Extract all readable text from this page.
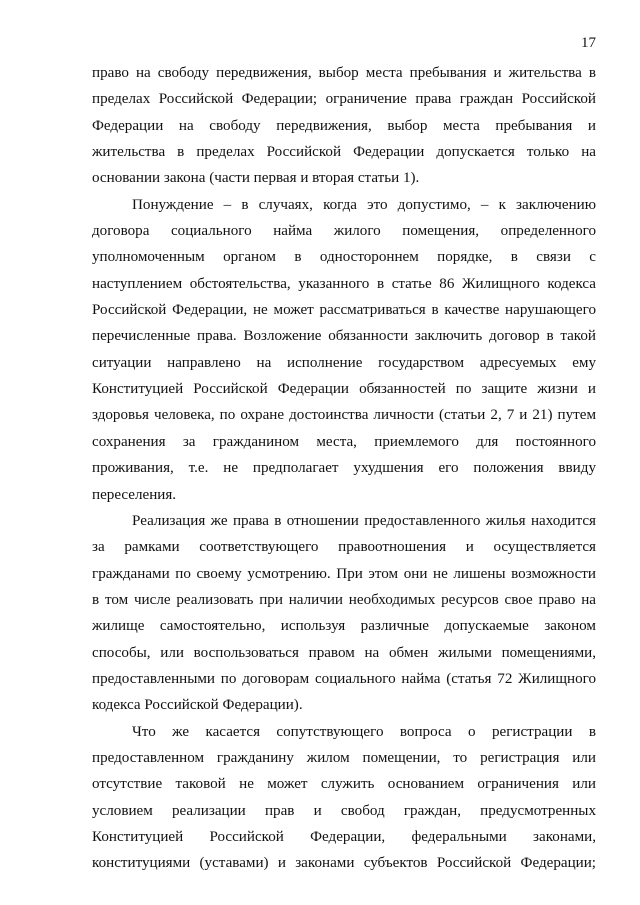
17
право на свободу передвижения, выбор места пребывания и жительства в
пределах Российской Федерации; ограничение права граждан Российской
Федерации на свободу передвижения, выбор места пребывания и
жительства в пределах Российской Федерации допускается только на
основании закона (части первая и вторая статьи 1).
Понуждение – в случаях, когда это допустимо, – к заключению
договора социального найма жилого помещения, определенного
уполномоченным органом в одностороннем порядке, в связи с
наступлением обстоятельства, указанного в статье 86 Жилищного кодекса
Российской Федерации, не может рассматриваться в качестве нарушающего
перечисленные права. Возложение обязанности заключить договор в такой
ситуации направлено на исполнение государством адресуемых ему
Конституцией Российской Федерации обязанностей по защите жизни и
здоровья человека, по охране достоинства личности (статьи 2, 7 и 21) путем
сохранения за гражданином места, приемлемого для постоянного
проживания, т.е. не предполагает ухудшения его положения ввиду
переселения.
Реализация же права в отношении предоставленного жилья находится
за рамками соответствующего правоотношения и осуществляется
гражданами по своему усмотрению. При этом они не лишены возможности
в том числе реализовать при наличии необходимых ресурсов свое право на
жилище самостоятельно, используя различные допускаемые законом
способы, или воспользоваться правом на обмен жилыми помещениями,
предоставленными по договорам социального найма (статья 72 Жилищного
кодекса Российской Федерации).
Что же касается сопутствующего вопроса о регистрации в
предоставленном гражданину жилом помещении, то регистрация или
отсутствие таковой не может служить основанием ограничения или
условием реализации прав и свобод граждан, предусмотренных
Конституцией Российской Федерации, федеральными законами,
конституциями (уставами) и законами субъектов Российской Федерации;
